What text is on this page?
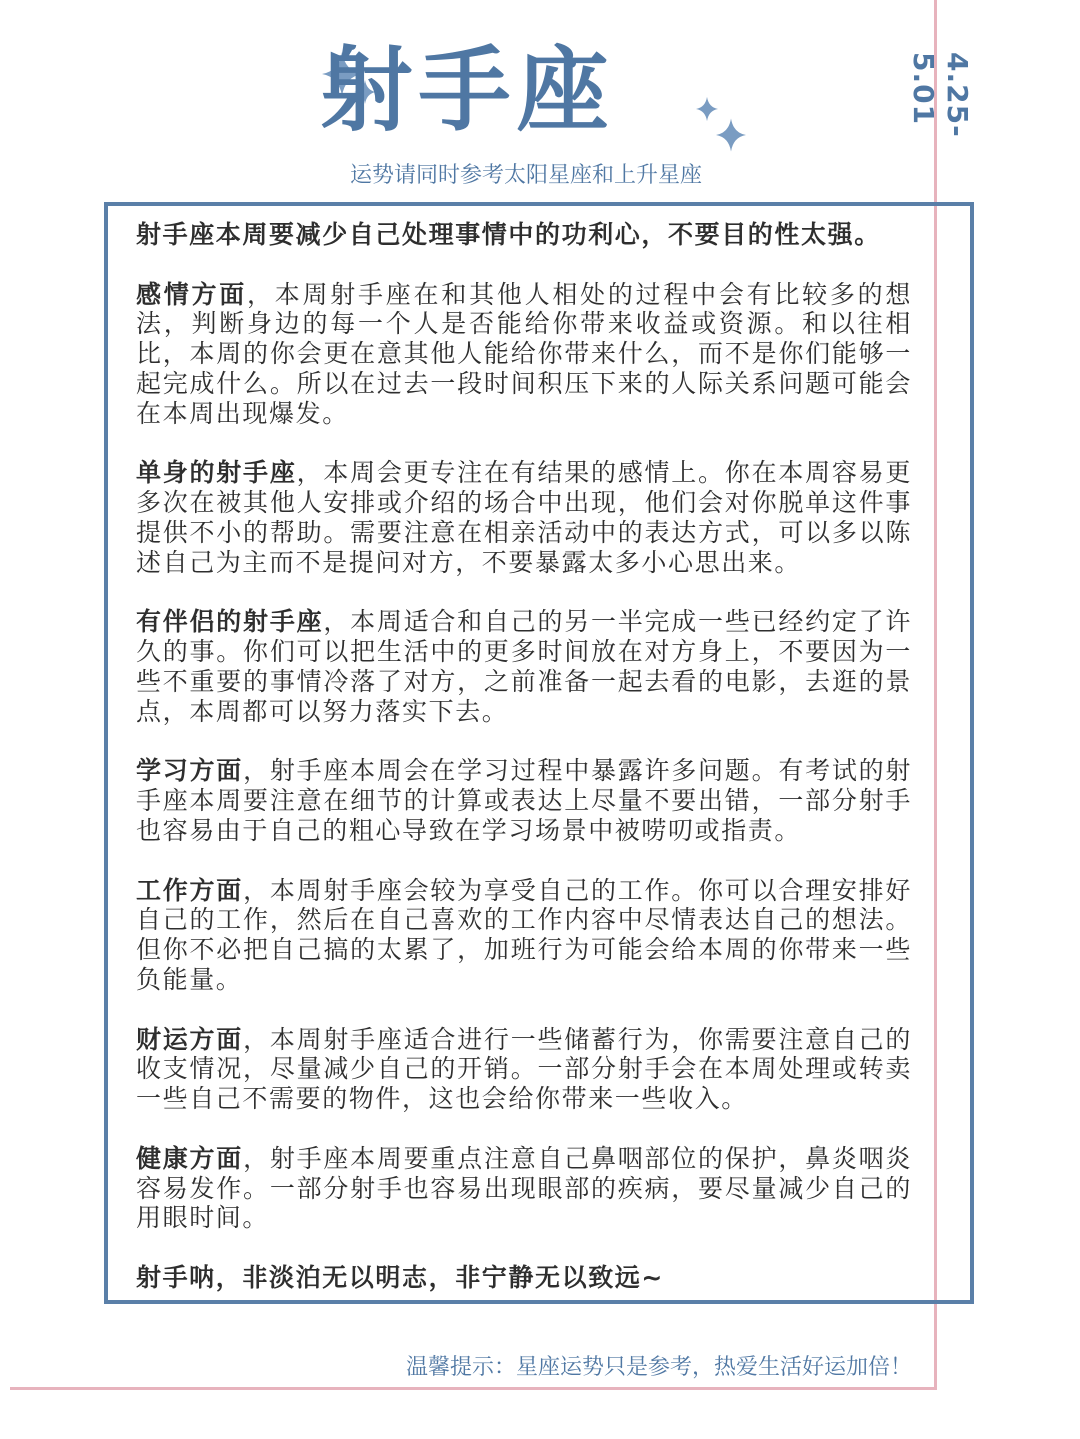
4.25-5.01
射手座
运势请同时参考太阳星座和上升星座

射手座本周要减少自己处理事情中的功利心，不要目的性太强。

感情方面，本周射手座在和其他人相处的过程中会有比较多的想法，判断身边的每一个人是否能给你带来收益或资源。和以往相比，本周的你会更在意其他人能给你带来什么，而不是你们能够一起完成什么。所以在过去一段时间积压下来的人际关系问题可能会在本周出现爆发。

单身的射手座，本周会更专注在有结果的感情上。你在本周容易更多次在被其他人安排或介绍的场合中出现，他们会对你脱单这件事提供不小的帮助。需要注意在相亲活动中的表达方式，可以多以陈述自己为主而不是提问对方，不要暴露太多小心思出来。

有伴侣的射手座，本周适合和自己的另一半完成一些已经约定了许久的事。你们可以把生活中的更多时间放在对方身上，不要因为一些不重要的事情冷落了对方，之前准备一起去看的电影，去逛的景点，本周都可以努力落实下去。

学习方面，射手座本周会在学习过程中暴露许多问题。有考试的射手座本周要注意在细节的计算或表达上尽量不要出错，一部分射手也容易由于自己的粗心导致在学习场景中被唠叨或指责。

工作方面，本周射手座会较为享受自己的工作。你可以合理安排好自己的工作，然后在自己喜欢的工作内容中尽情表达自己的想法。但你不必把自己搞的太累了，加班行为可能会给本周的你带来一些负能量。

财运方面，本周射手座适合进行一些储蓄行为，你需要注意自己的收支情况，尽量减少自己的开销。一部分射手会在本周处理或转卖一些自己不需要的物件，这也会给你带来一些收入。

健康方面，射手座本周要重点注意自己鼻咽部位的保护，鼻炎咽炎容易发作。一部分射手也容易出现眼部的疾病，要尽量减少自己的用眼时间。

射手呐，非淡泊无以明志，非宁静无以致远~

温馨提示：星座运势只是参考，热爱生活好运加倍！
